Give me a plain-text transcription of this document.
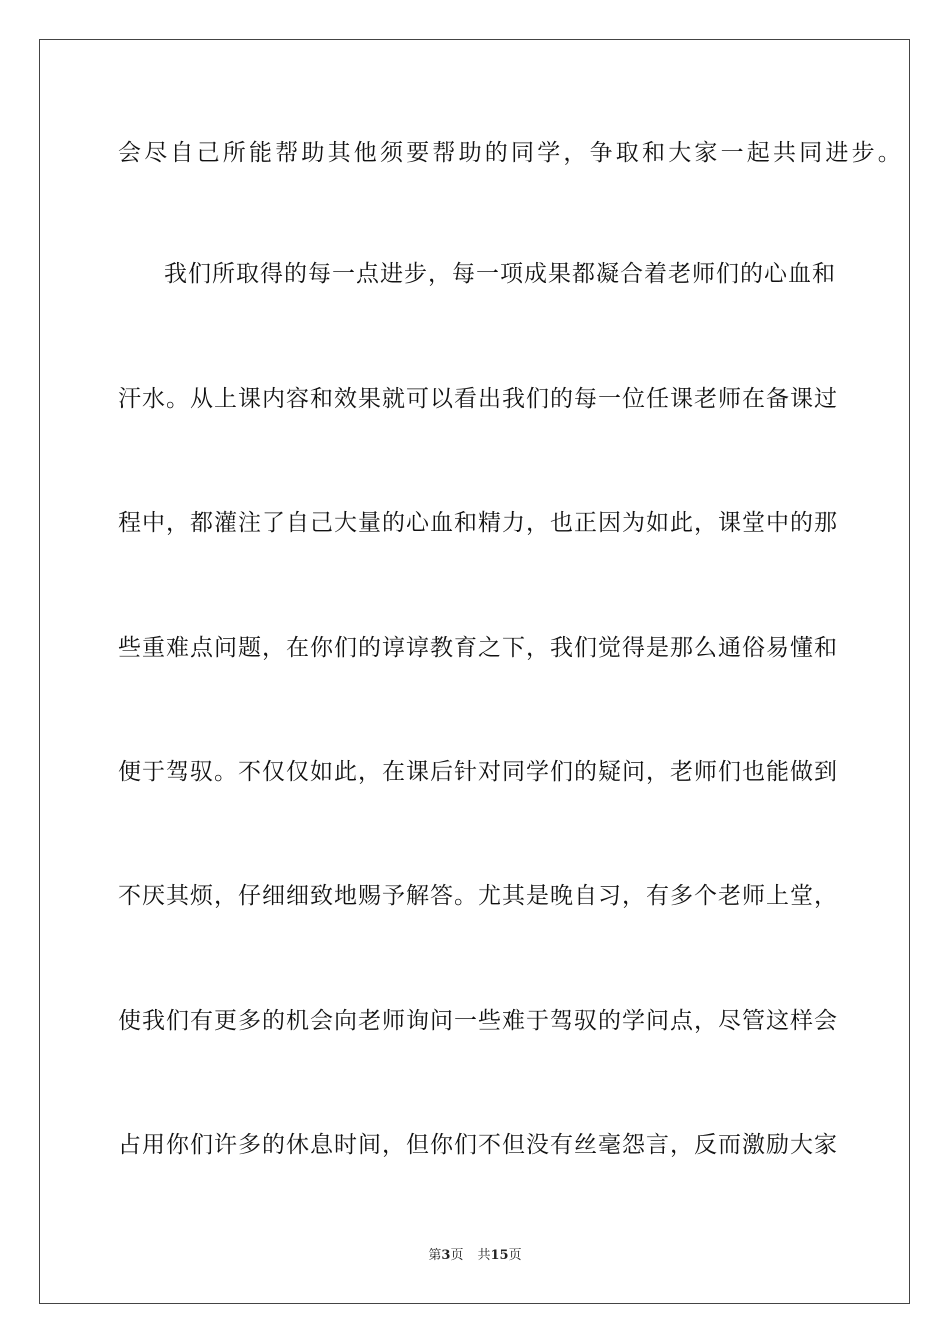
会尽自己所能帮助其他须要帮助的同学，争取和大家一起共同进步。
我们所取得的每一点进步，每一项成果都凝合着老师们的心血和
汗水。从上课内容和效果就可以看出我们的每一位任课老师在备课过
程中，都灌注了自己大量的心血和精力，也正因为如此，课堂中的那
些重难点问题，在你们的谆谆教育之下，我们觉得是那么通俗易懂和
便于驾驭。不仅仅如此，在课后针对同学们的疑问，老师们也能做到
不厌其烦，仔细细致地赐予解答。尤其是晚自习，有多个老师上堂，
使我们有更多的机会向老师询问一些难于驾驭的学问点，尽管这样会
占用你们许多的休息时间，但你们不但没有丝毫怨言，反而激励大家
第3页 共15页
